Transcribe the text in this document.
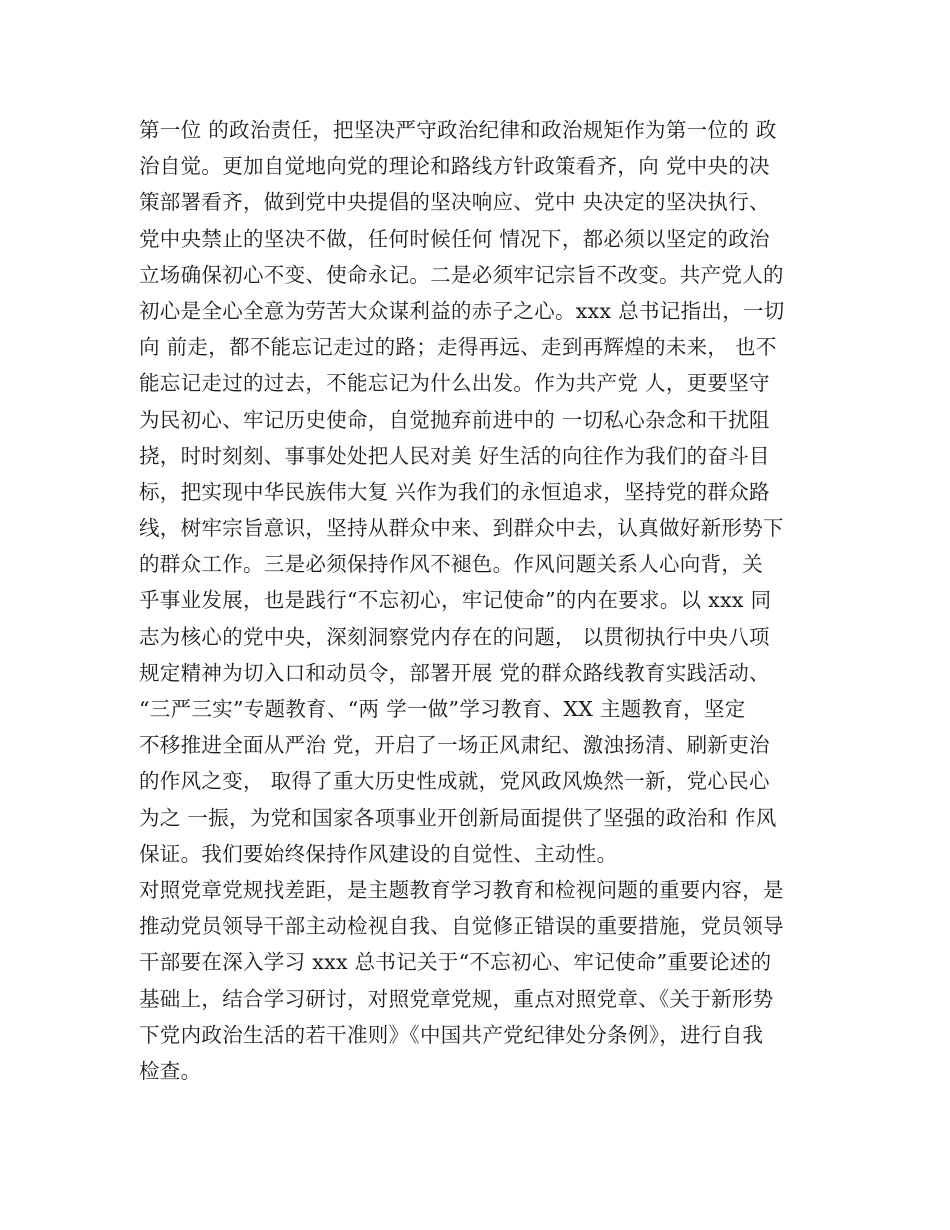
第一位 的政治责任，把坚决严守政治纪律和政治规矩作为第一位的 政
治自觉。更加自觉地向党的理论和路线方针政策看齐，向 党中央的决
策部署看齐，做到党中央提倡的坚决响应、党中 央决定的坚决执行、
党中央禁止的坚决不做，任何时候任何 情况下，都必须以坚定的政治
立场确保初心不变、使命永记。二是必须牢记宗旨不改变。共产党人的
初心是全心全意为劳苦大众谋利益的赤子之心。xxx 总书记指出，一切
向 前走，都不能忘记走过的路；走得再远、走到再辉煌的未来， 也不
能忘记走过的过去，不能忘记为什么出发。作为共产党 人，更要坚守
为民初心、牢记历史使命，自觉抛弃前进中的 一切私心杂念和干扰阻
挠，时时刻刻、事事处处把人民对美 好生活的向往作为我们的奋斗目
标，把实现中华民族伟大复 兴作为我们的永恒追求，坚持党的群众路
线，树牢宗旨意识，坚持从群众中来、到群众中去，认真做好新形势下
的群众工作。三是必须保持作风不褪色。作风问题关系人心向背，关
乎事业发展，也是践行“不忘初心，牢记使命”的内在要求。以 xxx 同
志为核心的党中央，深刻洞察党内存在的问题， 以贯彻执行中央八项
规定精神为切入口和动员令，部署开展 党的群众路线教育实践活动、
“三严三实”专题教育、“两 学一做”学习教育、XX 主题教育，坚定
不移推进全面从严治 党，开启了一场正风肃纪、激浊扬清、刷新吏治
的作风之变， 取得了重大历史性成就，党风政风焕然一新，党心民心
为之 一振，为党和国家各项事业开创新局面提供了坚强的政治和 作风
保证。我们要始终保持作风建设的自觉性、主动性。
对照党章党规找差距，是主题教育学习教育和检视问题的重要内容，是
推动党员领导干部主动检视自我、自觉修正错误的重要措施，党员领导
干部要在深入学习 xxx 总书记关于“不忘初心、牢记使命”重要论述的
基础上，结合学习研讨，对照党章党规，重点对照党章、《关于新形势
下党内政治生活的若干准则》《中国共产党纪律处分条例》，进行自我
检查。
